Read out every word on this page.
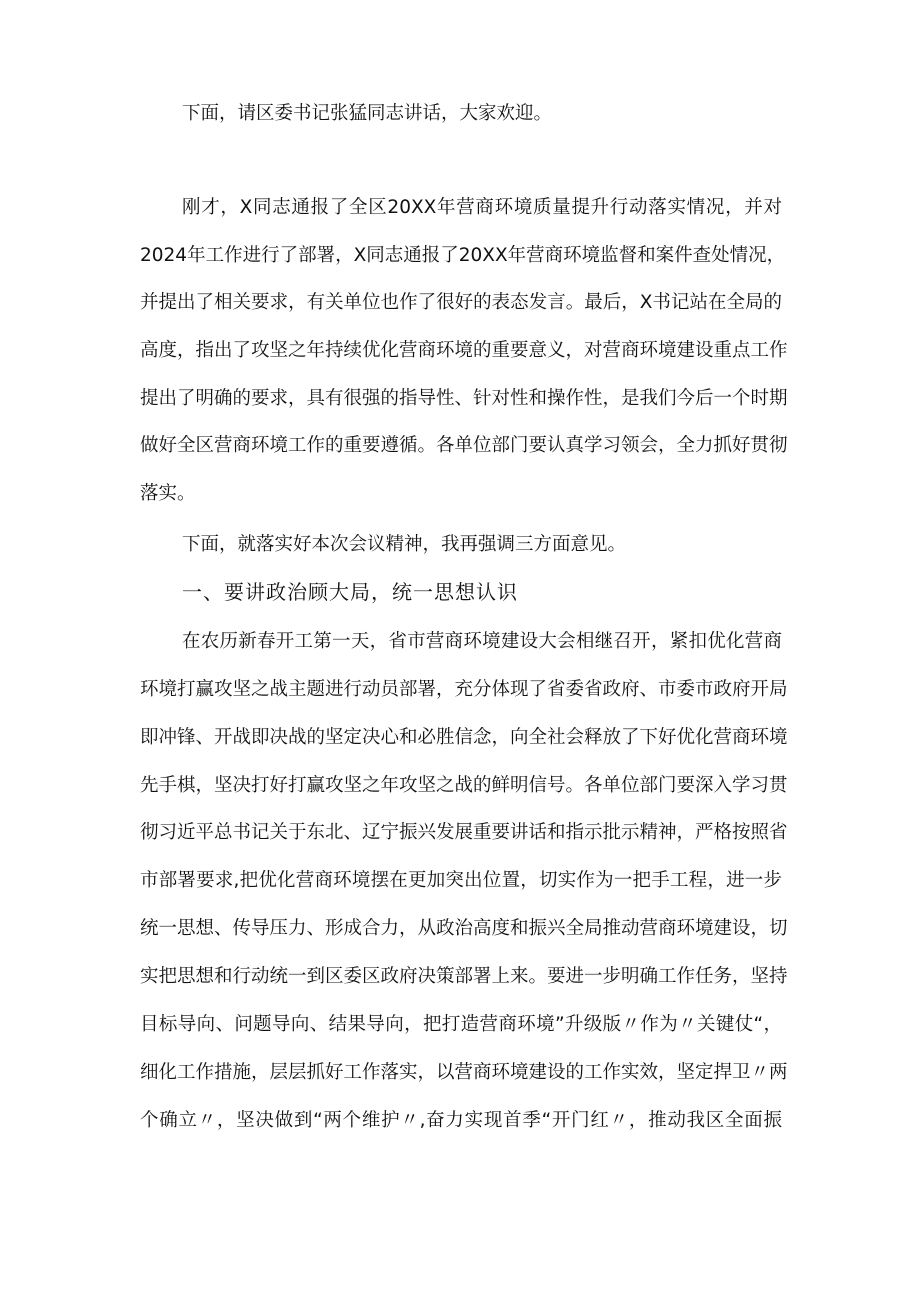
下面，请区委书记张猛同志讲话，大家欢迎。
刚才，X同志通报了全区20XX年营商环境质量提升行动落实情况，并对
2024年工作进行了部署，X同志通报了20XX年营商环境监督和案件查处情况，
并提出了相关要求，有关单位也作了很好的表态发言。最后，X书记站在全局的
高度，指出了攻坚之年持续优化营商环境的重要意义，对营商环境建设重点工作
提出了明确的要求，具有很强的指导性、针对性和操作性，是我们今后一个时期
做好全区营商环境工作的重要遵循。各单位部门要认真学习领会，全力抓好贯彻
落实。
下面，就落实好本次会议精神，我再强调三方面意见。
一、要讲政治顾大局，统一思想认识
在农历新春开工第一天，省市营商环境建设大会相继召开，紧扣优化营商
环境打赢攻坚之战主题进行动员部署，充分体现了省委省政府、市委市政府开局
即冲锋、开战即决战的坚定决心和必胜信念，向全社会释放了下好优化营商环境
先手棋，坚决打好打赢攻坚之年攻坚之战的鲜明信号。各单位部门要深入学习贯
彻习近平总书记关于东北、辽宁振兴发展重要讲话和指示批示精神，严格按照省
市部署要求,把优化营商环境摆在更加突出位置，切实作为一把手工程，进一步
统一思想、传导压力、形成合力，从政治高度和振兴全局推动营商环境建设，切
实把思想和行动统一到区委区政府决策部署上来。要进一步明确工作任务，坚持
目标导向、问题导向、结果导向，把打造营商环境”升级版〃作为〃关键仗“，
细化工作措施，层层抓好工作落实，以营商环境建设的工作实效，坚定捍卫〃两
个确立〃，坚决做到“两个维护〃,奋力实现首季“开门红〃，推动我区全面振
